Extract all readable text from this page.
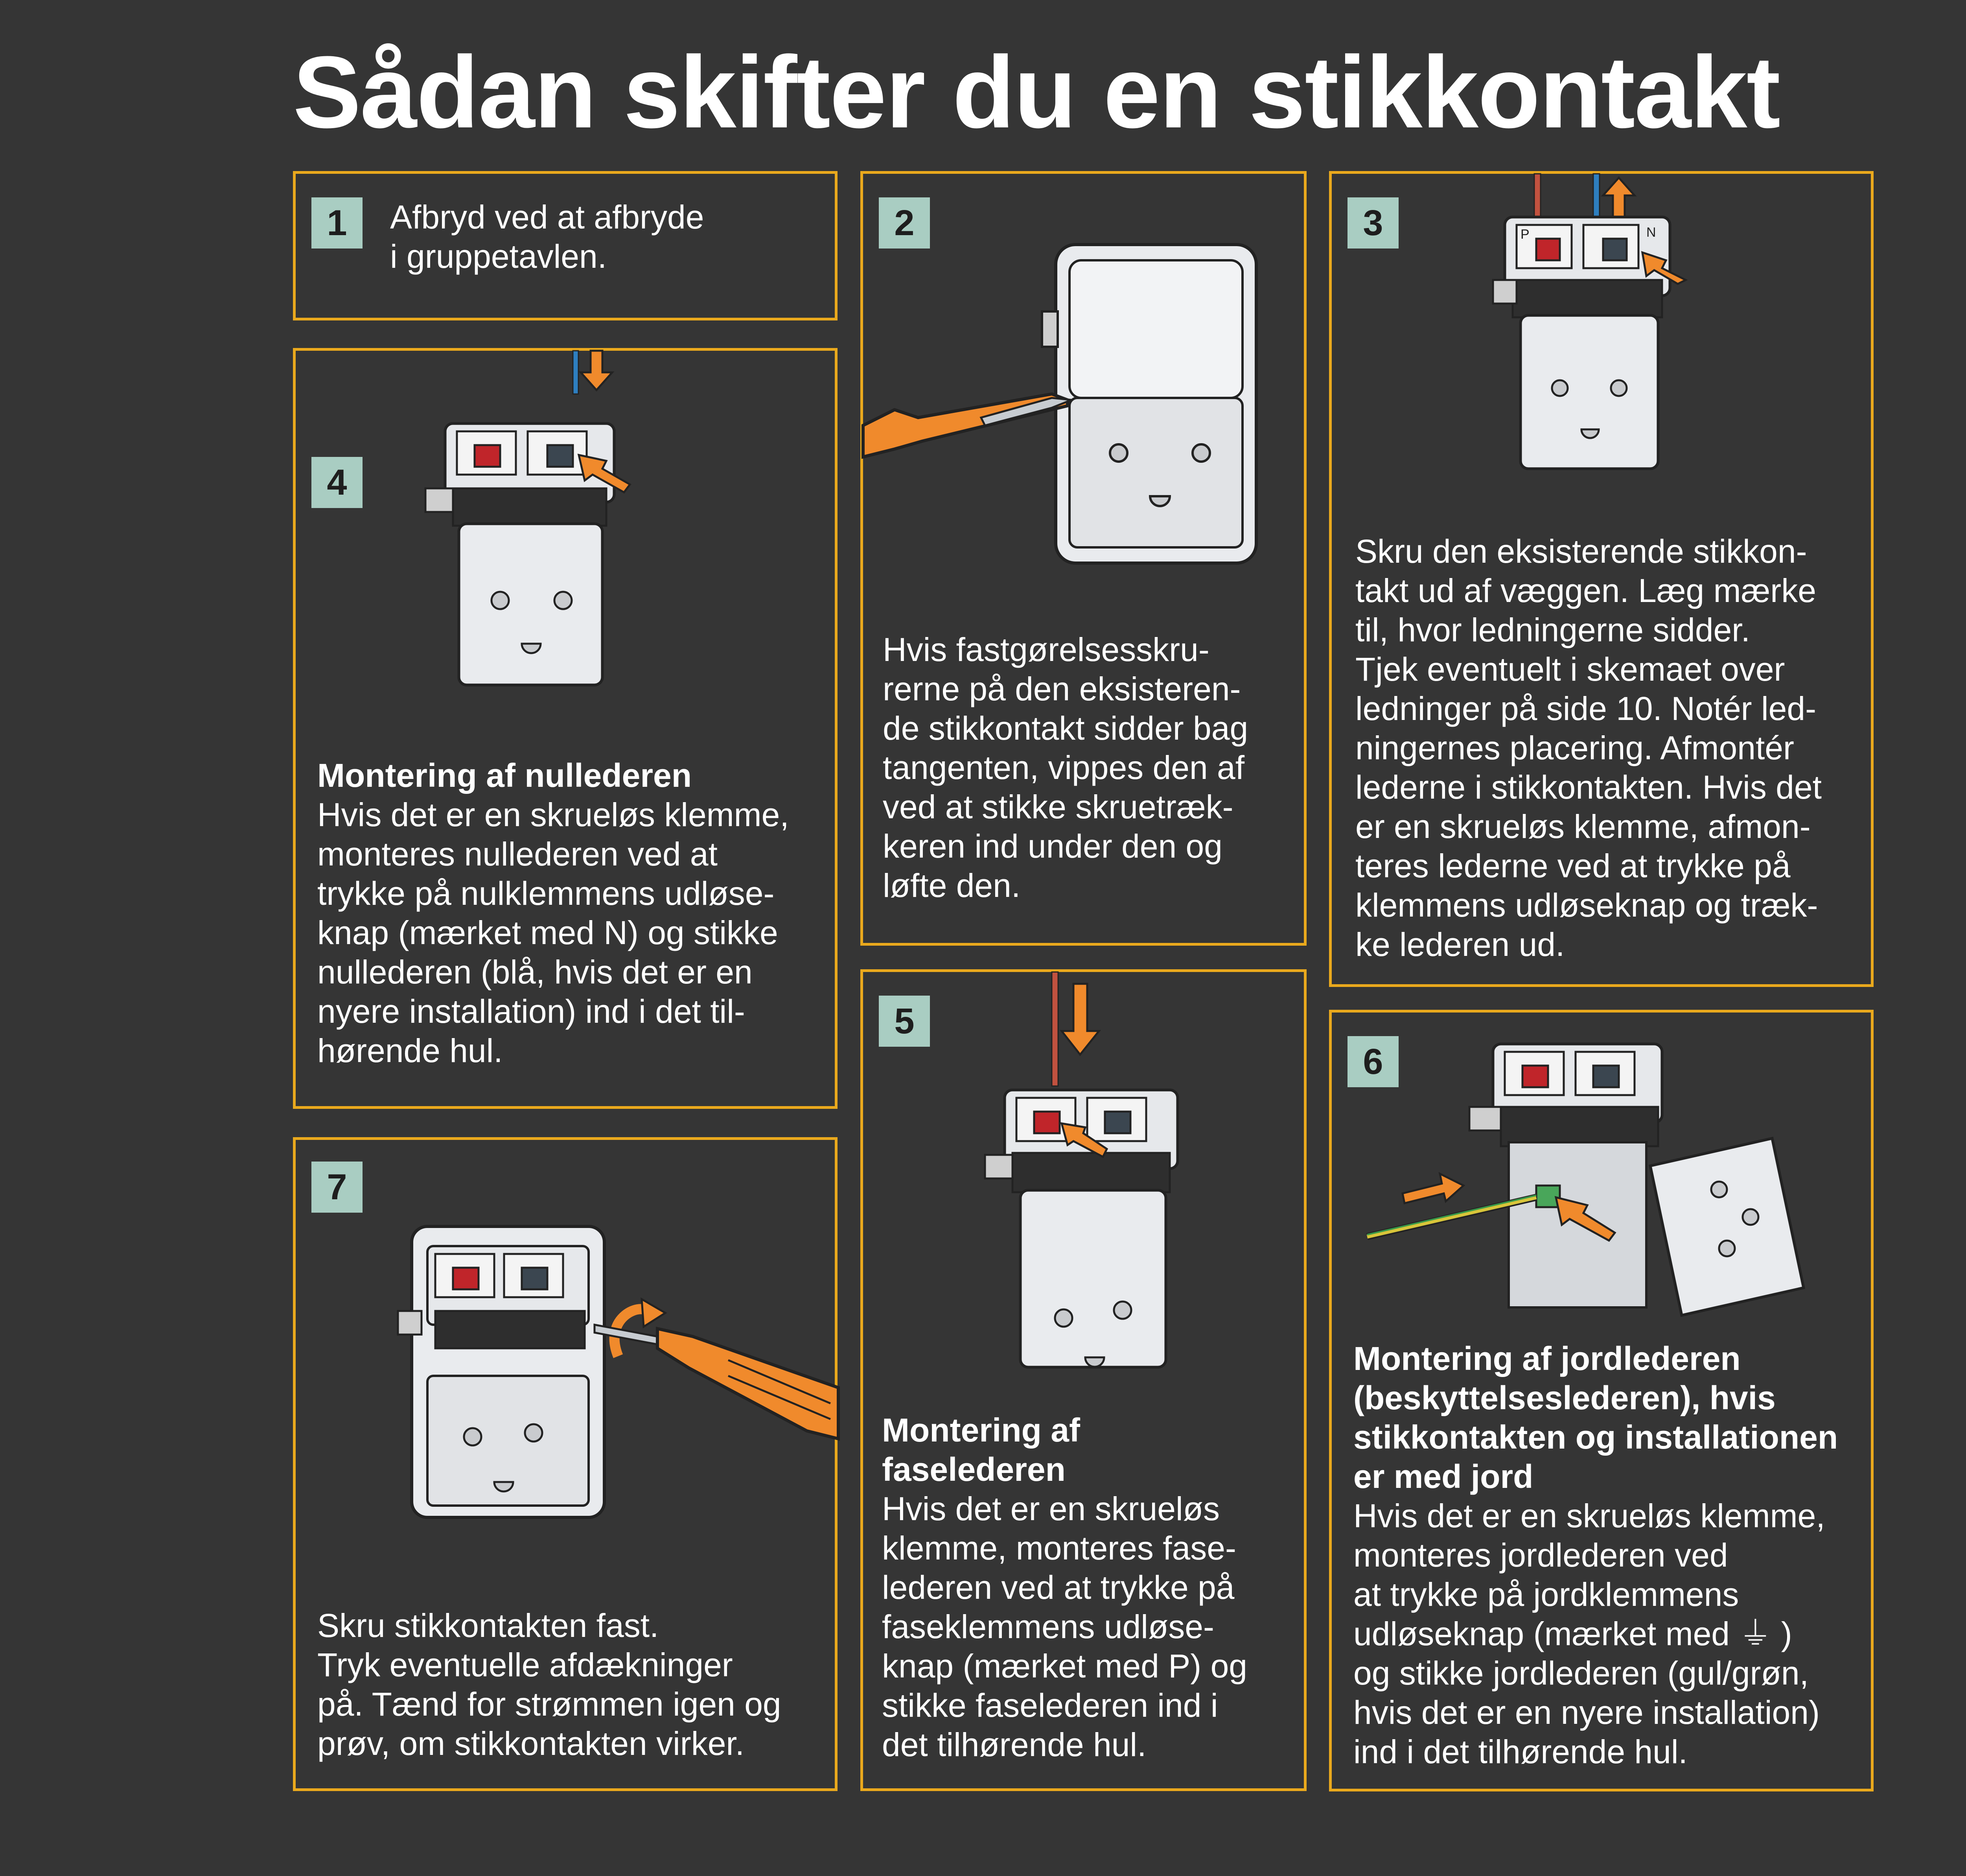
Sådan skifter du en stikkontakt
1	Afbryd ved at afbryde
i gruppetavlen.
2
Hvis fastgørelsesskru-
rerne på den eksisteren-
de stikkontakt sidder bag
tangenten, vippes den af
ved at stikke skruetræk-
keren ind under den og
løfte den.
3	P	N
Skru den eksisterende stikkon-
takt ud af væggen. Læg mærke
til, hvor ledningerne sidder.
Tjek eventuelt i skemaet over
ledninger på side 10. Notér led-
ningernes placering. Afmontér
lederne i stikkontakten. Hvis det
er en skrueløs klemme, afmon-
teres lederne ved at trykke på
klemmens udløseknap og træk-
ke lederen ud.
4
Montering af nullederen
Hvis det er en skrueløs klemme,
monteres nullederen ved at
trykke på nulklemmens udløse-
knap (mærket med N) og stikke
nullederen (blå, hvis det er en
nyere installation) ind i det til-
hørende hul.
5
Montering af
faselederen
Hvis det er en skrueløs
klemme, monteres fase-
lederen ved at trykke på
faseklemmens udløse-
knap (mærket med P) og
stikke faselederen ind i
det tilhørende hul.
6
Montering af jordlederen
(beskyttelseslederen), hvis
stikkontakten og installationen
er med jord
Hvis det er en skrueløs klemme,
monteres jordlederen ved
at trykke på jordklemmens
udløseknap (mærket med ⏚ )
og stikke jordlederen (gul/grøn,
hvis det er en nyere installation)
ind i det tilhørende hul.
7
Skru stikkontakten fast.
Tryk eventuelle afdækninger
på. Tænd for strømmen igen og
prøv, om stikkontakten virker.
